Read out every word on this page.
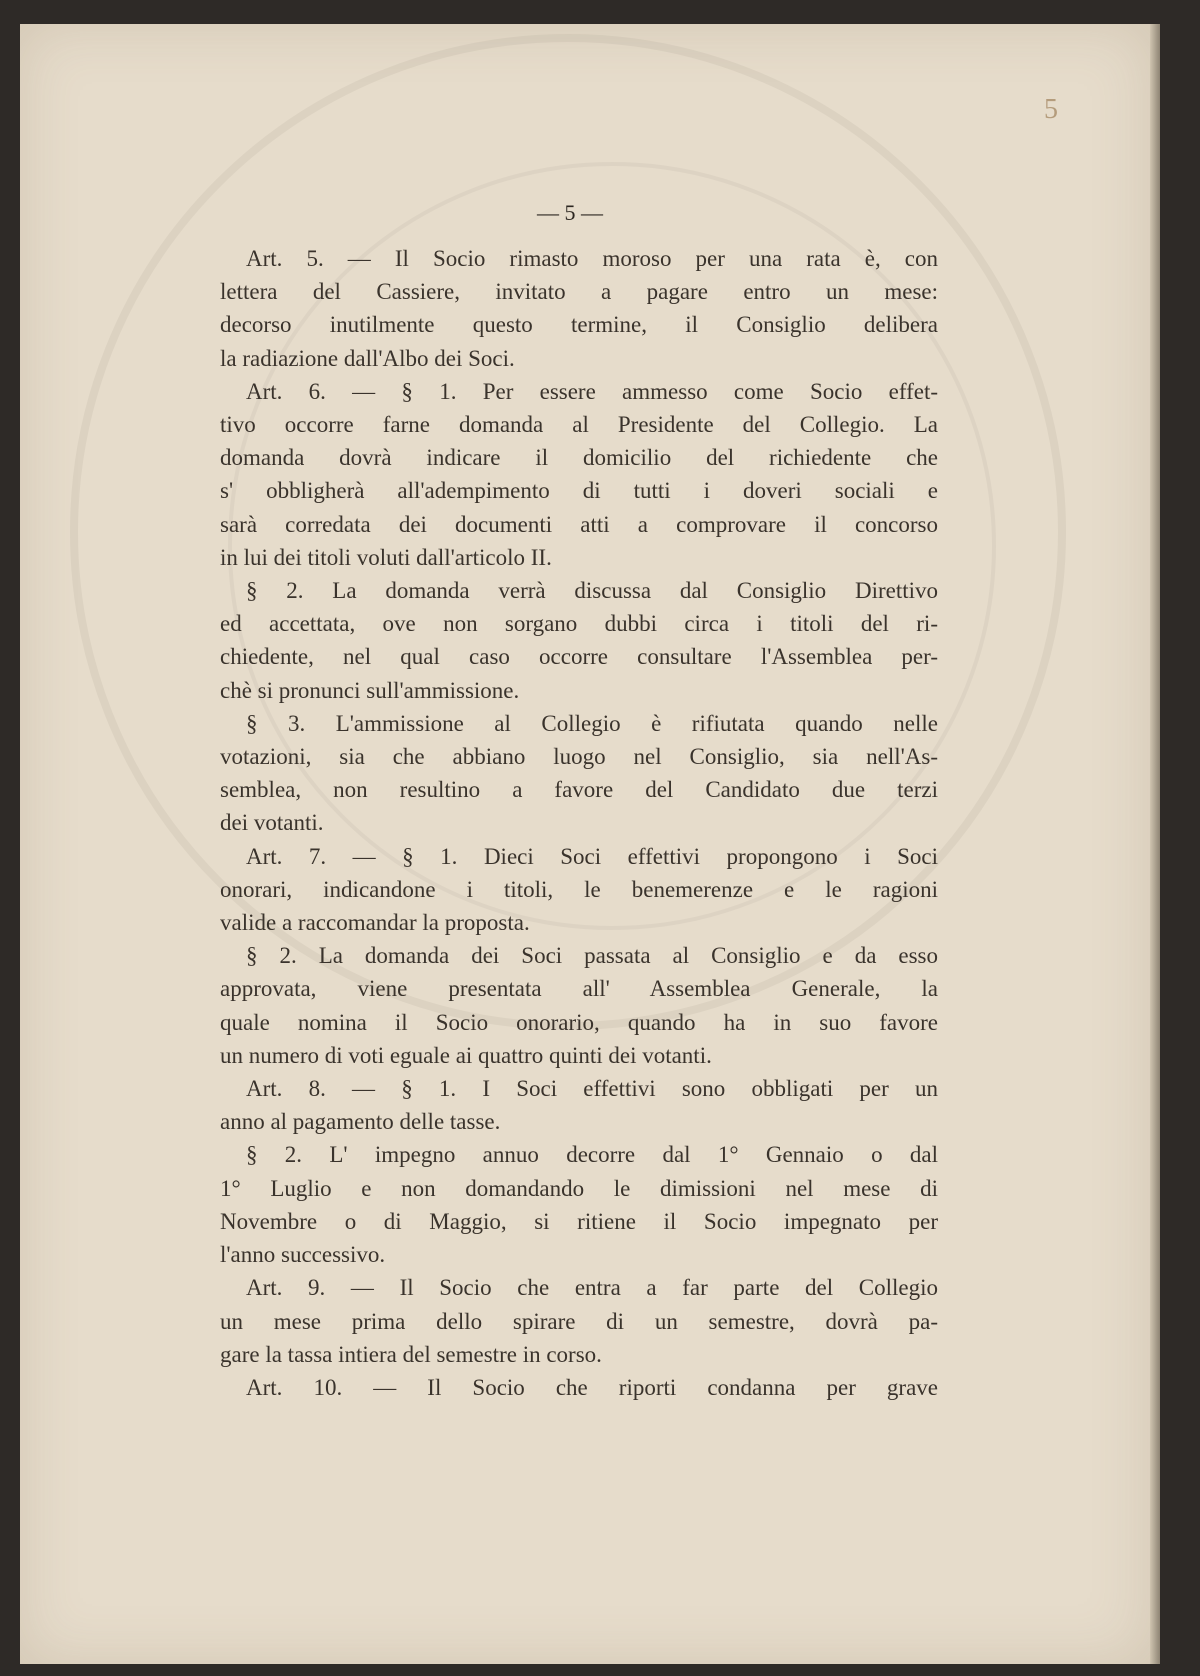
5
— 5 —
Art. 5. — Il Socio rimasto moroso per una rata è, con
lettera del Cassiere, invitato a pagare entro un mese:
decorso inutilmente questo termine, il Consiglio delibera
la radiazione dall'Albo dei Soci.
Art. 6. — § 1. Per essere ammesso come Socio effet-
tivo occorre farne domanda al Presidente del Collegio. La
domanda dovrà indicare il domicilio del richiedente che
s' obbligherà all'adempimento di tutti i doveri sociali e
sarà corredata dei documenti atti a comprovare il concorso
in lui dei titoli voluti dall'articolo II.
§ 2. La domanda verrà discussa dal Consiglio Direttivo
ed accettata, ove non sorgano dubbi circa i titoli del ri-
chiedente, nel qual caso occorre consultare l'Assemblea per-
chè si pronunci sull'ammissione.
§ 3. L'ammissione al Collegio è rifiutata quando nelle
votazioni, sia che abbiano luogo nel Consiglio, sia nell'As-
semblea, non resultino a favore del Candidato due terzi
dei votanti.
Art. 7. — § 1. Dieci Soci effettivi propongono i Soci
onorari, indicandone i titoli, le benemerenze e le ragioni
valide a raccomandar la proposta.
§ 2. La domanda dei Soci passata al Consiglio e da esso
approvata, viene presentata all' Assemblea Generale, la
quale nomina il Socio onorario, quando ha in suo favore
un numero di voti eguale ai quattro quinti dei votanti.
Art. 8. — § 1. I Soci effettivi sono obbligati per un
anno al pagamento delle tasse.
§ 2. L' impegno annuo decorre dal 1° Gennaio o dal
1° Luglio e non domandando le dimissioni nel mese di
Novembre o di Maggio, si ritiene il Socio impegnato per
l'anno successivo.
Art. 9. — Il Socio che entra a far parte del Collegio
un mese prima dello spirare di un semestre, dovrà pa-
gare la tassa intiera del semestre in corso.
Art. 10. — Il Socio che riporti condanna per grave
